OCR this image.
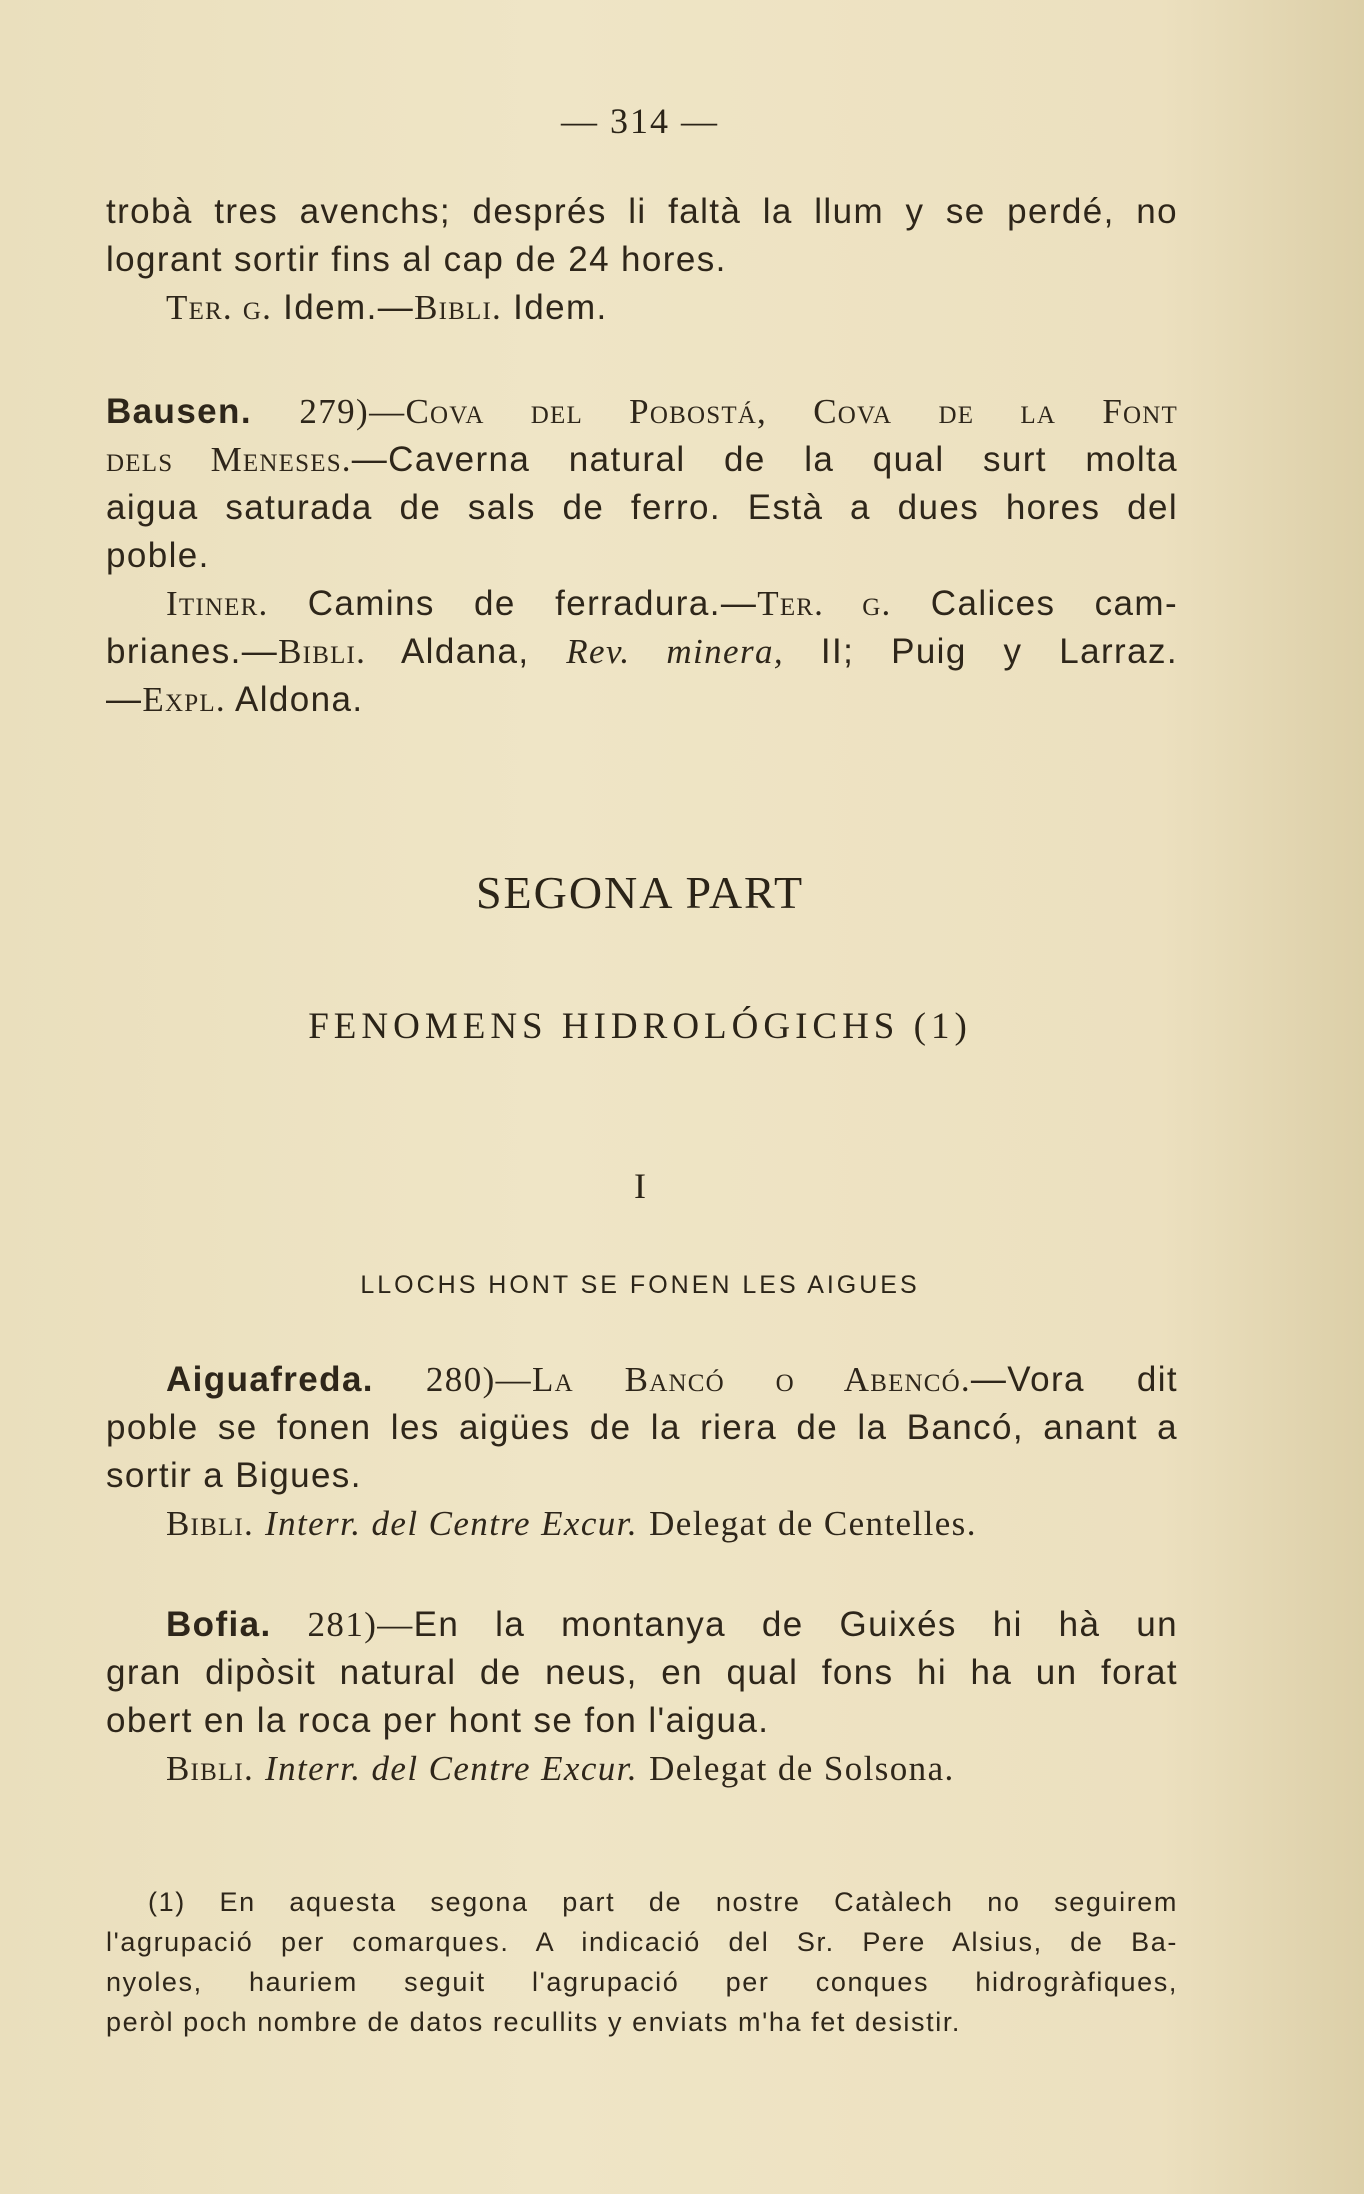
— 314 —
trobà tres avenchs; després li faltà la llum y se perdé, no
logrant sortir fins al cap de 24 hores.
Ter. g. Idem.—Bibli. Idem.
Bausen. 279)—Cova del Pobostá, Cova de la Font
dels Meneses.—Caverna natural de la qual surt molta
aigua saturada de sals de ferro. Està a dues hores del
poble.
Itiner. Camins de ferradura.—Ter. g. Calices cam-
brianes.—Bibli. Aldana, Rev. minera, II; Puig y Larraz.
—Expl. Aldona.
SEGONA PART
FENOMENS HIDROLÓGICHS (1)
I
LLOCHS HONT SE FONEN LES AIGUES
Aiguafreda. 280)—La Bancó o Abencó.—Vora dit
poble se fonen les aigües de la riera de la Bancó, anant a
sortir a Bigues.
Bibli. Interr. del Centre Excur. Delegat de Centelles.
Bofia. 281)—En la montanya de Guixés hi hà un
gran dipòsit natural de neus, en qual fons hi ha un forat
obert en la roca per hont se fon l'aigua.
Bibli. Interr. del Centre Excur. Delegat de Solsona.
(1) En aquesta segona part de nostre Catàlech no seguirem
l'agrupació per comarques. A indicació del Sr. Pere Alsius, de Ba-
nyoles, hauriem seguit l'agrupació per conques hidrogràfiques,
peròl poch nombre de datos recullits y enviats m'ha fet desistir.
